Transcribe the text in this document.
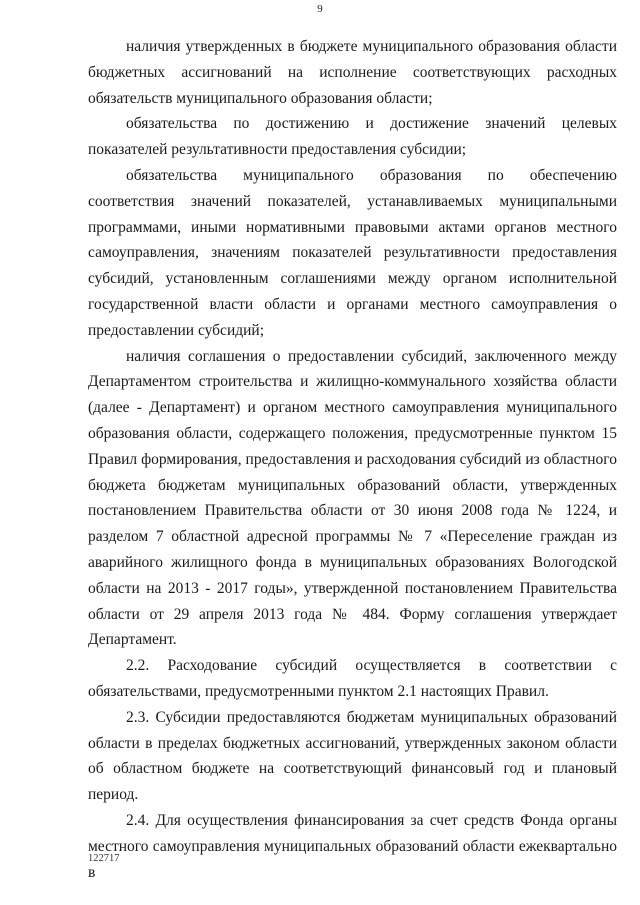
9

наличия утвержденных в бюджете муниципального образования области бюджетных ассигнований на исполнение соответствующих расходных обязательств муниципального образования области;

обязательства по достижению и достижение значений целевых показателей результативности предоставления субсидии;

обязательства муниципального образования по обеспечению соответствия значений показателей, устанавливаемых муниципальными программами, иными нормативными правовыми актами органов местного самоуправления, значениям показателей результативности предоставления субсидий, установленным соглашениями между органом исполнительной государственной власти области и органами местного самоуправления о предоставлении субсидий;

наличия соглашения о предоставлении субсидий, заключенного между Департаментом строительства и жилищно-коммунального хозяйства области (далее - Департамент) и органом местного самоуправления муниципального образования области, содержащего положения, предусмотренные пунктом 15 Правил формирования, предоставления и расходования субсидий из областного бюджета бюджетам муниципальных образований области, утвержденных постановлением Правительства области от 30 июня 2008 года № 1224, и разделом 7 областной адресной программы № 7 «Переселение граждан из аварийного жилищного фонда в муниципальных образованиях Вологодской области на 2013 - 2017 годы», утвержденной постановлением Правительства области от 29 апреля 2013 года № 484. Форму соглашения утверждает Департамент.

2.2. Расходование субсидий осуществляется в соответствии с обязательствами, предусмотренными пунктом 2.1 настоящих Правил.

2.3. Субсидии предоставляются бюджетам муниципальных образований области в пределах бюджетных ассигнований, утвержденных законом области об областном бюджете на соответствующий финансовый год и плановый период.

2.4. Для осуществления финансирования за счет средств Фонда органы местного самоуправления муниципальных образований области ежеквартально в

122717
